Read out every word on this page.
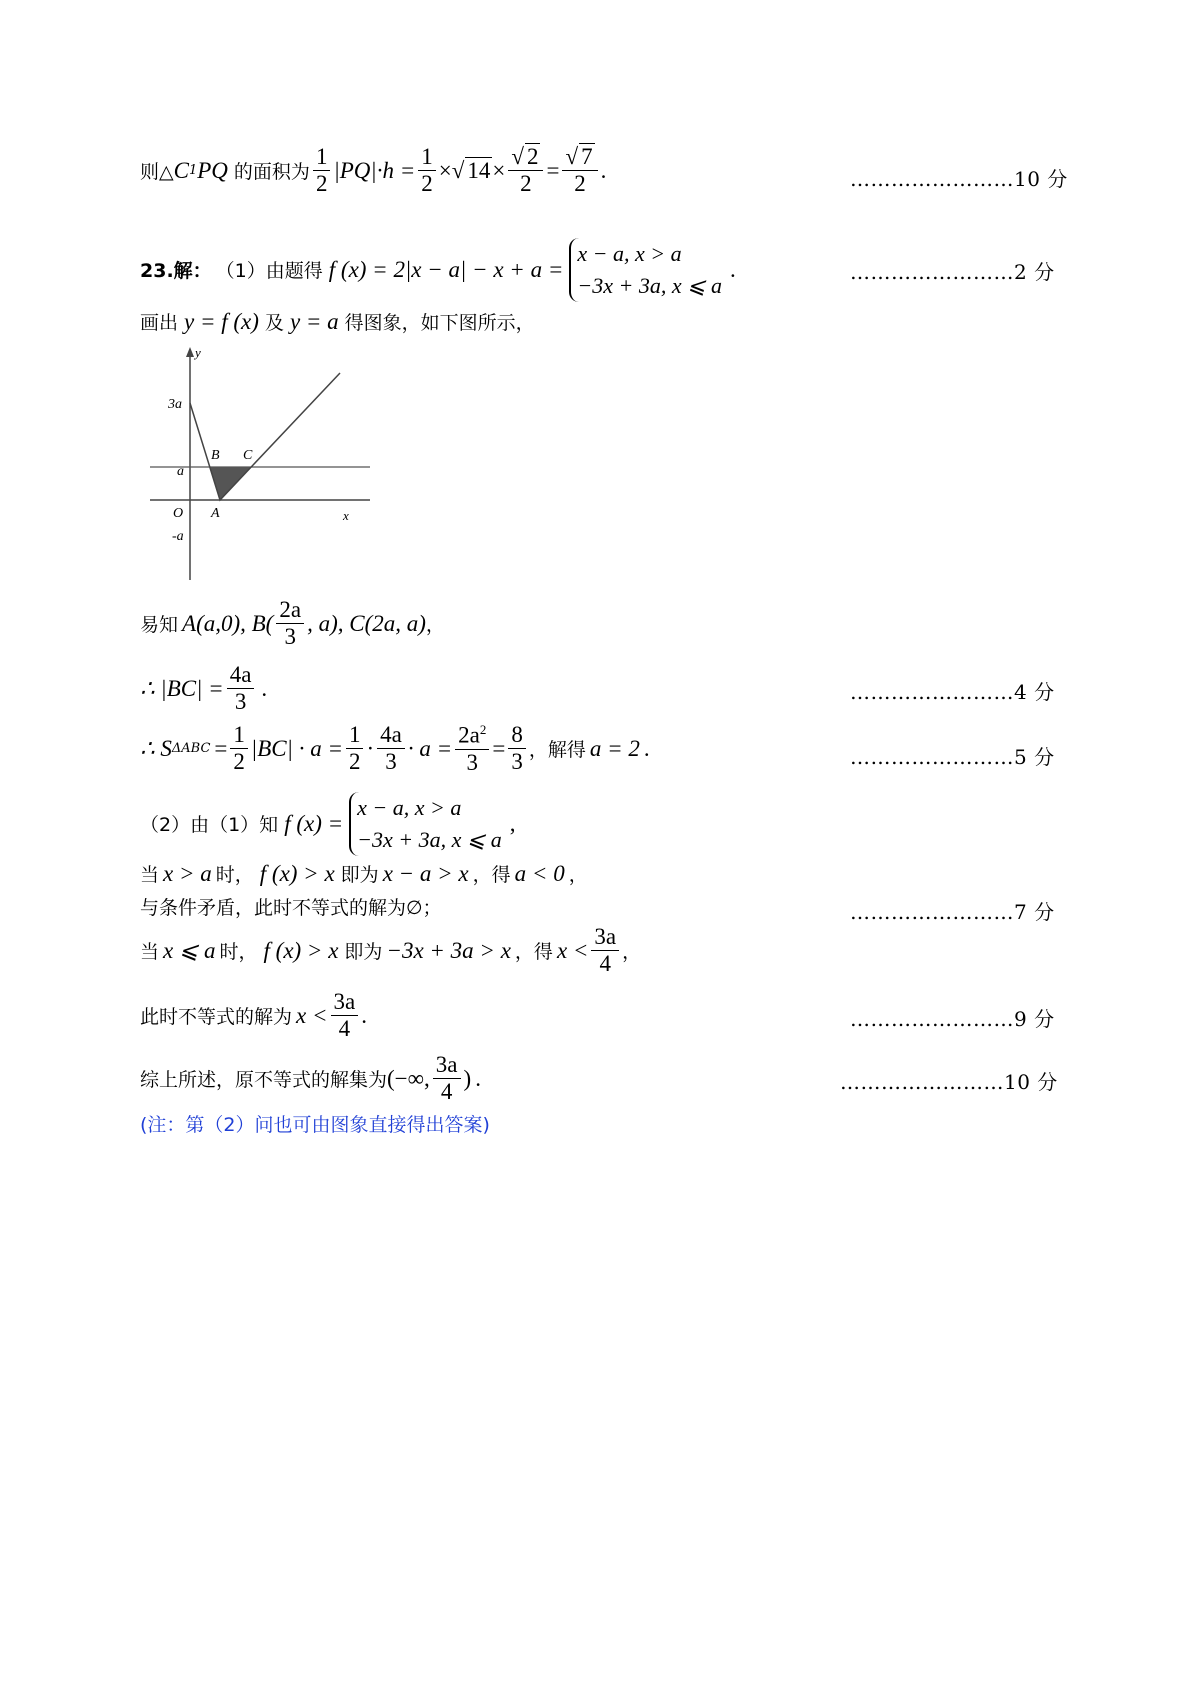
则△ C 1 PQ 的面积为 $\frac{1}{2} |PQ|\cdot h = \frac{1}{2}$ × √ $14 \times \frac{√ 2}{2} = \frac{√ 7}{2}$ .	……………………10 分
23.解： （1）由题得 f (x) = 2|x − a| − x + a =
x − a, x > a
−3x + 3a, x ⩽ a
.	……………………2 分
画出 y = f (x) 及 y = a 得图象，如下图所示，
y
x
O
3a
a
-a
A
B C
易知 A(a,0), $B( \frac{2a}{3}$ , a), C(2a, a) ，
∴ $|BC| = \frac{4a}{3}$ .	……………………4 分
∴ S $\Delta ABC = \frac{1}{2} |BC| \cdot a = \frac{1}{2} \cdot \frac{4a}{3} \cdot a = \frac{2a^2}{3} = \frac{8}{3}$ ，解得 a = 2 .	……………………5 分
（2）由（1）知 f (x) =
x − a, x > a
−3x + 3a, x ⩽ a
,
当 x > a 时， f (x) > x 即为 x − a > x ，得 a < 0 ，
与条件矛盾，此时不等式的解为∅；	……………………7 分
当 x ⩽ a 时， f (x) > x 即为 −3x + 3a > x ，得 $x < \frac{3a}{4}$ ，
此时不等式的解为 $x < \frac{3a}{4}$ .	……………………9 分
综上所述，原不等式的解集为 (−∞, $\frac{3a}{4}$ ) .	……………………10 分
(注：第（2）问也可由图象直接得出答案)
